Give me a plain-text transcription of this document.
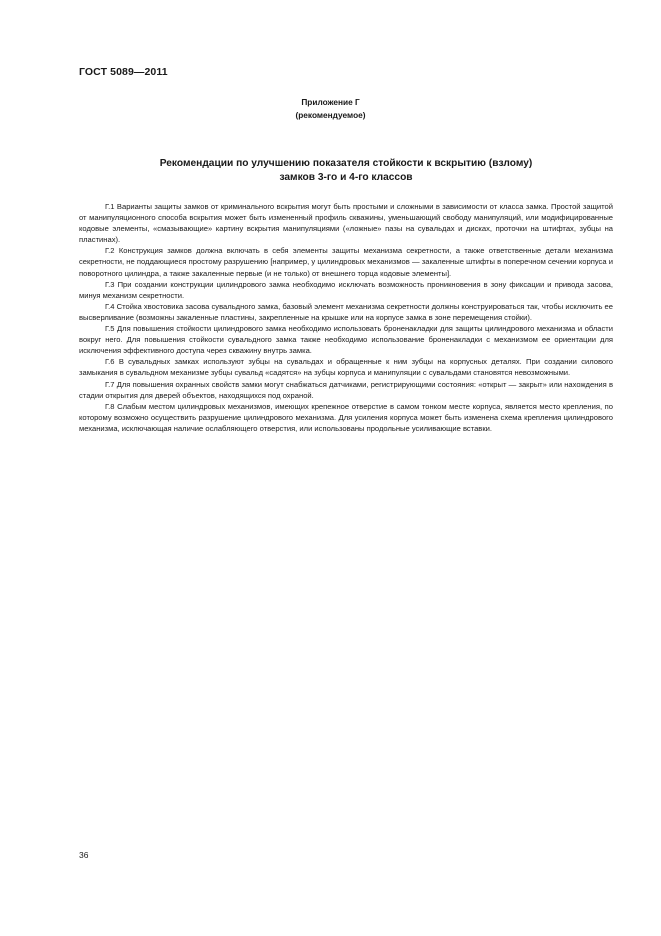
ГОСТ 5089—2011
Приложение Г
(рекомендуемое)
Рекомендации по улучшению показателя стойкости к вскрытию (взлому)
замков 3-го и 4-го классов

Г.1 Варианты защиты замков от криминального вскрытия могут быть простыми и сложными в зависимости от класса замка. Простой защитой от манипуляционного способа вскрытия может быть измененный профиль скважины, уменьшающий свободу манипуляций, или модифицированные кодовые элементы, «смазывающие» картину вскрытия манипуляциями («ложные» пазы на сувальдах и дисках, проточки на штифтах, зубцы на пластинах).

Г.2 Конструкция замков должна включать в себя элементы защиты механизма секретности, а также ответственные детали механизма секретности, не поддающиеся простому разрушению [например, у цилиндровых механизмов — закаленные штифты в поперечном сечении корпуса и поворотного цилиндра, а также закаленные первые (и не только) от внешнего торца кодовые элементы].

Г.3 При создании конструкции цилиндрового замка необходимо исключать возможность проникновения в зону фиксации и привода засова, минуя механизм секретности.

Г.4 Стойка хвостовика засова сувальдного замка, базовый элемент механизма секретности должны конструироваться так, чтобы исключить ее высверливание (возможны закаленные пластины, закрепленные на крышке или на корпусе замка в зоне перемещения стойки).

Г.5 Для повышения стойкости цилиндрового замка необходимо использовать броненакладки для защиты цилиндрового механизма и области вокруг него. Для повышения стойкости сувальдного замка также необходимо использование броненакладки с механизмом ее ориентации для исключения эффективного доступа через скважину внутрь замка.

Г.6 В сувальдных замках используют зубцы на сувальдах и обращенные к ним зубцы на корпусных деталях. При создании силового замыкания в сувальдном механизме зубцы сувальд «садятся» на зубцы корпуса и манипуляции с сувальдами становятся невозможными.

Г.7 Для повышения охранных свойств замки могут снабжаться датчиками, регистрирующими состояния: «открыт — закрыт» или нахождения в стадии открытия для дверей объектов, находящихся под охраной.

Г.8 Слабым местом цилиндровых механизмов, имеющих крепежное отверстие в самом тонком месте корпуса, является место крепления, по которому возможно осуществить разрушение цилиндрового механизма. Для усиления корпуса может быть изменена схема крепления цилиндрового механизма, исключающая наличие ослабляющего отверстия, или использованы продольные усиливающие вставки.

36
